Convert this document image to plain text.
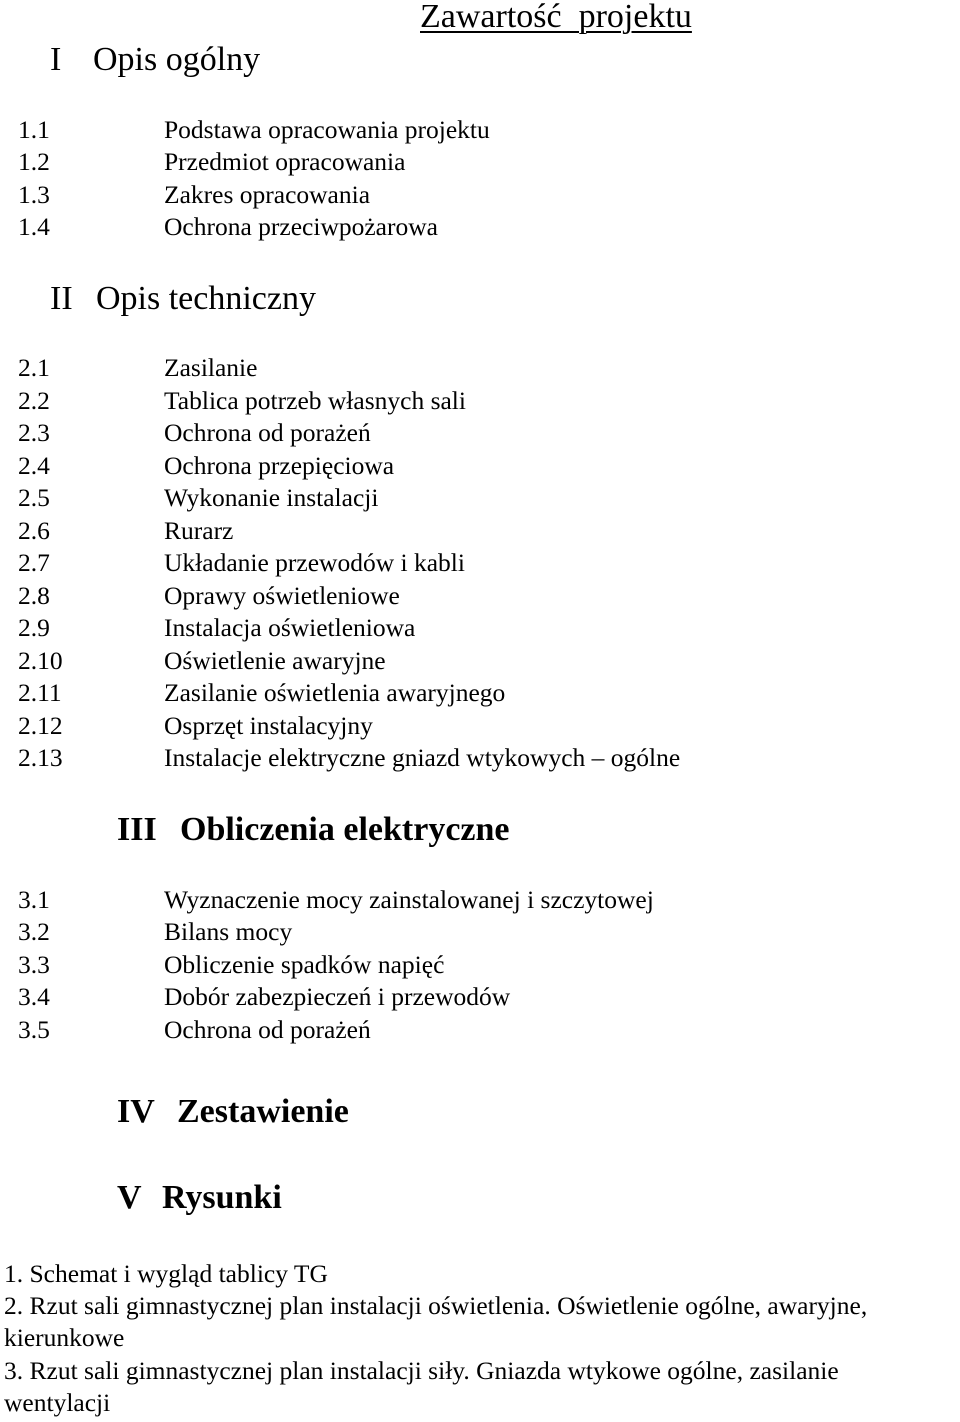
Zawartość  projektu
I Opis ogólny
1.1	Podstawa opracowania projektu
1.2	Przedmiot opracowania
1.3	Zakres opracowania
1.4	Ochrona przeciwpożarowa
II Opis techniczny
2.1	Zasilanie
2.2	Tablica potrzeb własnych sali
2.3	Ochrona od porażeń
2.4	Ochrona przepięciowa
2.5	Wykonanie instalacji
2.6	Rurarz
2.7	Układanie przewodów i kabli
2.8	Oprawy oświetleniowe
2.9	Instalacja oświetleniowa
2.10	Oświetlenie awaryjne
2.11	Zasilanie oświetlenia awaryjnego
2.12	Osprzęt instalacyjny
2.13	Instalacje elektryczne gniazd wtykowych – ogólne
III Obliczenia elektryczne
3.1	Wyznaczenie mocy zainstalowanej i szczytowej
3.2	Bilans mocy
3.3	Obliczenie spadków napięć
3.4	Dobór zabezpieczeń i przewodów
3.5	Ochrona od porażeń
IV Zestawienie
V Rysunki
1. Schemat i wygląd tablicy TG
2. Rzut sali gimnastycznej plan instalacji oświetlenia. Oświetlenie ogólne, awaryjne,
kierunkowe
3. Rzut sali gimnastycznej plan instalacji siły. Gniazda wtykowe ogólne, zasilanie
wentylacji
